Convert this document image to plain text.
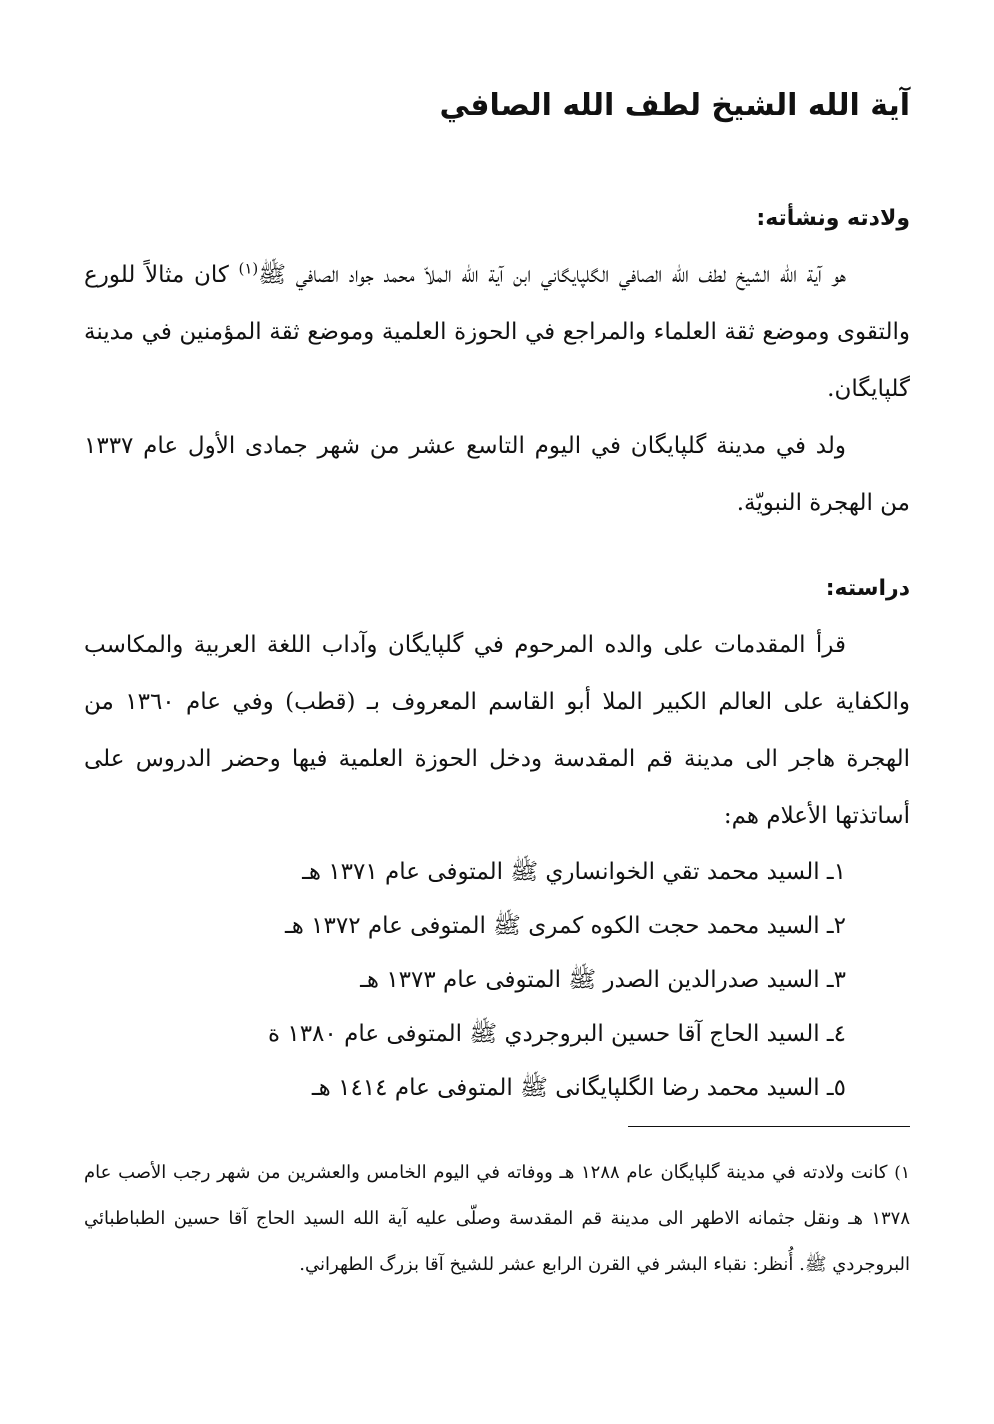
آية الله الشيخ لطف الله الصافي
ولادته ونشأته:

هو آية الله الشيخ لطف الله الصافي الگلپايگاني ابن آية الله الملاّ محمد جواد الصافي ﷺ$^{(١)}$ كان مثالاً للورع والتقوى وموضع ثقة العلماء والمراجع في الحوزة العلمية وموضع ثقة المؤمنين في مدينة گلپايگان.

ولد في مدينة گلپايگان في اليوم التاسع عشر من شهر جمادى الأول عام ١٣٣٧ من الهجرة النبويّة.

دراسته:

قرأ المقدمات على والده المرحوم في گلپايگان وآداب اللغة العربية والمكاسب والكفاية على العالم الكبير الملا أبو القاسم المعروف بـ (قطب) وفي عام ١٣٦٠ من الهجرة هاجر الى مدينة قم المقدسة ودخل الحوزة العلمية فيها وحضر الدروس على أساتذتها الأعلام هم:

١ـ السيد محمد تقي الخوانساري ﷺ المتوفى عام ١٣٧١ هـ
٢ـ السيد محمد حجت الكوه كمرى ﷺ المتوفى عام ١٣٧٢ هـ
٣ـ السيد صدرالدين الصدر ﷺ المتوفى عام ١٣٧٣ هـ
٤ـ السيد الحاج آقا حسين البروجردي ﷺ المتوفى عام ١٣٨٠ ة
٥ـ السيد محمد رضا الگلپايگانى ﷺ المتوفى عام ١٤١٤ هـ

١) كانت ولادته في مدينة گلپايگان عام ١٢٨٨ هـ ووفاته في اليوم الخامس والعشرين من شهر رجب الأصب عام ١٣٧٨ هـ ونقل جثمانه الاطهر الى مدينة قم المقدسة وصلّى عليه آية الله السيد الحاج آقا حسين الطباطبائي البروجردي ﷺ. أُنظر: نقباء البشر في القرن الرابع عشر للشيخ آقا بزرگ الطهراني.
